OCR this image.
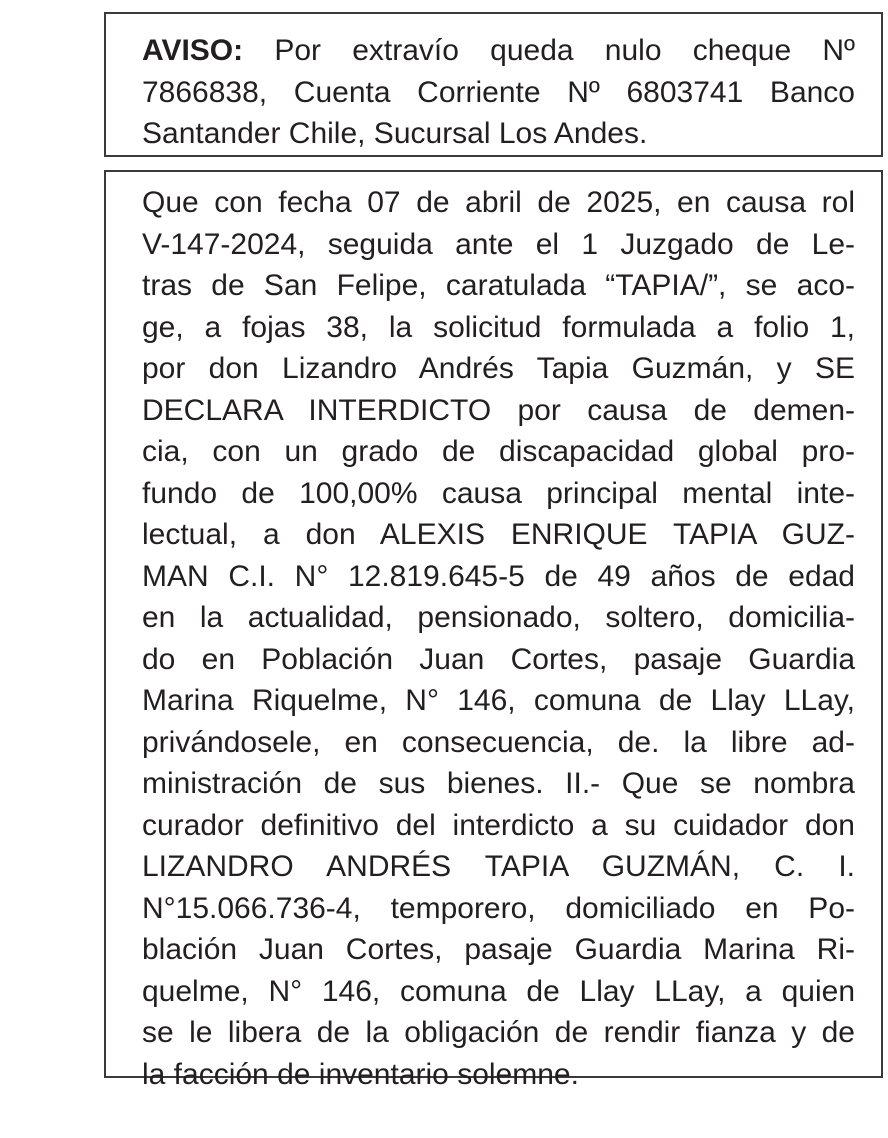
AVISO: Por extravío queda nulo cheque Nº
7866838, Cuenta Corriente Nº 6803741 Banco
Santander Chile, Sucursal Los Andes.
Que con fecha 07 de abril de 2025, en causa rol
V-147-2024, seguida ante el 1 Juzgado de Le-
tras de San Felipe, caratulada “TAPIA/”, se aco-
ge, a fojas 38, la solicitud formulada a folio 1,
por don Lizandro Andrés Tapia Guzmán, y SE
DECLARA INTERDICTO por causa de demen-
cia, con un grado de discapacidad global pro-
fundo de 100,00% causa principal mental inte-
lectual, a don ALEXIS ENRIQUE TAPIA GUZ-
MAN C.I. N° 12.819.645-5 de 49 años de edad
en la actualidad, pensionado, soltero, domicilia-
do en Población Juan Cortes, pasaje Guardia
Marina Riquelme, N° 146, comuna de Llay LLay,
privándosele, en consecuencia, de. la libre ad-
ministración de sus bienes. II.- Que se nombra
curador definitivo del interdicto a su cuidador don
LIZANDRO ANDRÉS TAPIA GUZMÁN, C. I.
N°15.066.736-4, temporero, domiciliado en Po-
blación Juan Cortes, pasaje Guardia Marina Ri-
quelme, N° 146, comuna de Llay LLay, a quien
se le libera de la obligación de rendir fianza y de
la facción de inventario solemne.
